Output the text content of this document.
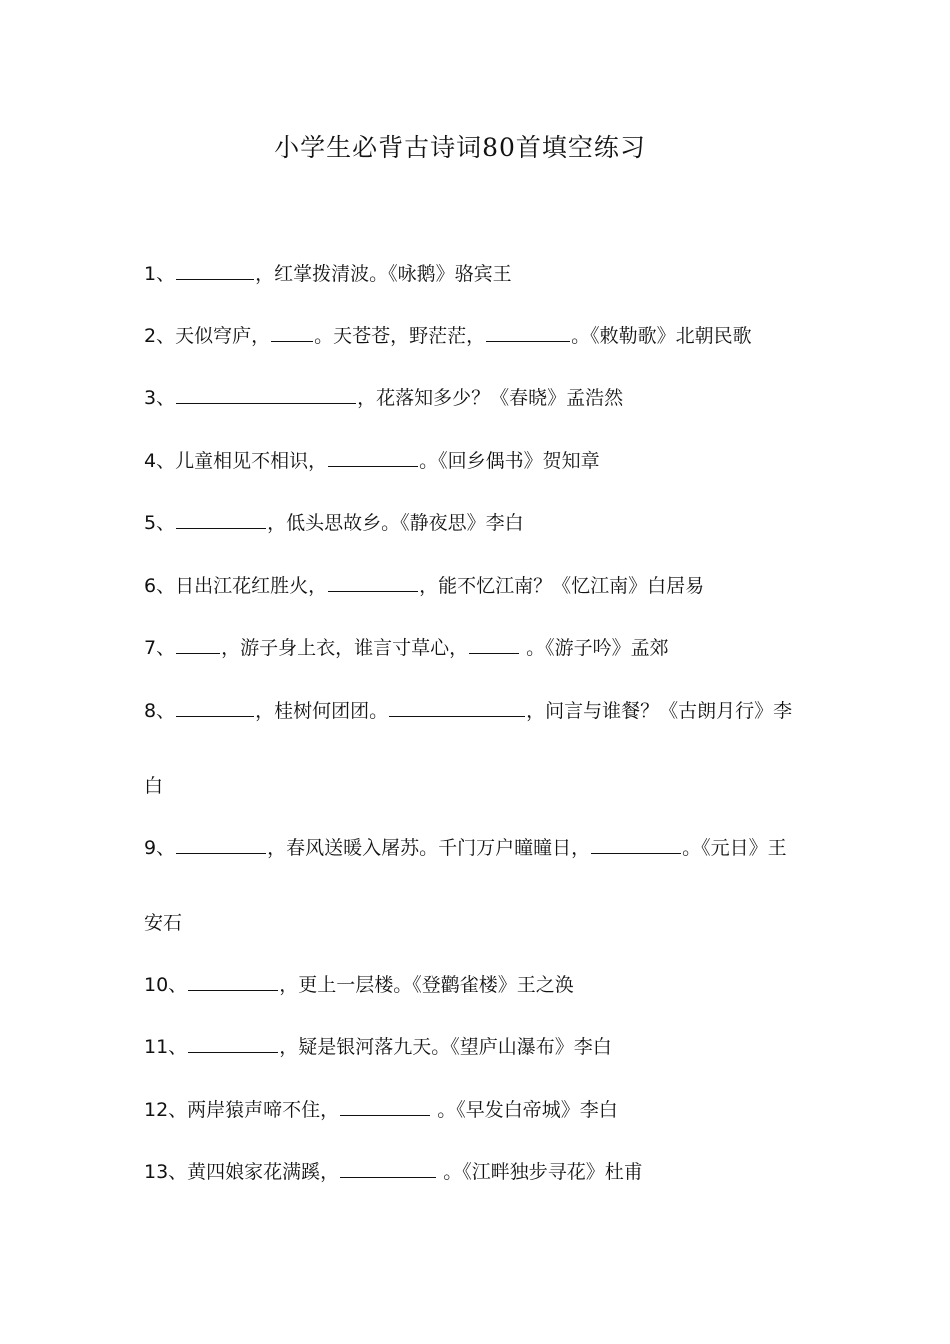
小学生必背古诗词80首填空练习
1、	，红掌拨清波。《咏鹅》骆宾王
2、天似穹庐， 。天苍苍，野茫茫，	。《敕勒歌》北朝民歌
3、	，花落知多少？《春晓》孟浩然
4、儿童相见不相识，	。《回乡偶书》贺知章
5、	，低头思故乡。《静夜思》李白
6、日出江花红胜火，	，能不忆江南？《忆江南》白居易
7、 ，游子身上衣，谁言寸草心，	。《游子吟》孟郊
8、	，桂树何团团。	，问言与谁餐？《古朗月行》李
白
9、	，春风送暖入屠苏。千门万户曈曈日，	。《元日》王
安石
10、	，更上一层楼。《登鹳雀楼》王之涣
11、	，疑是银河落九天。《望庐山瀑布》李白
12、两岸猿声啼不住，	。《早发白帝城》李白
13、黄四娘家花满蹊，	。《江畔独步寻花》杜甫
